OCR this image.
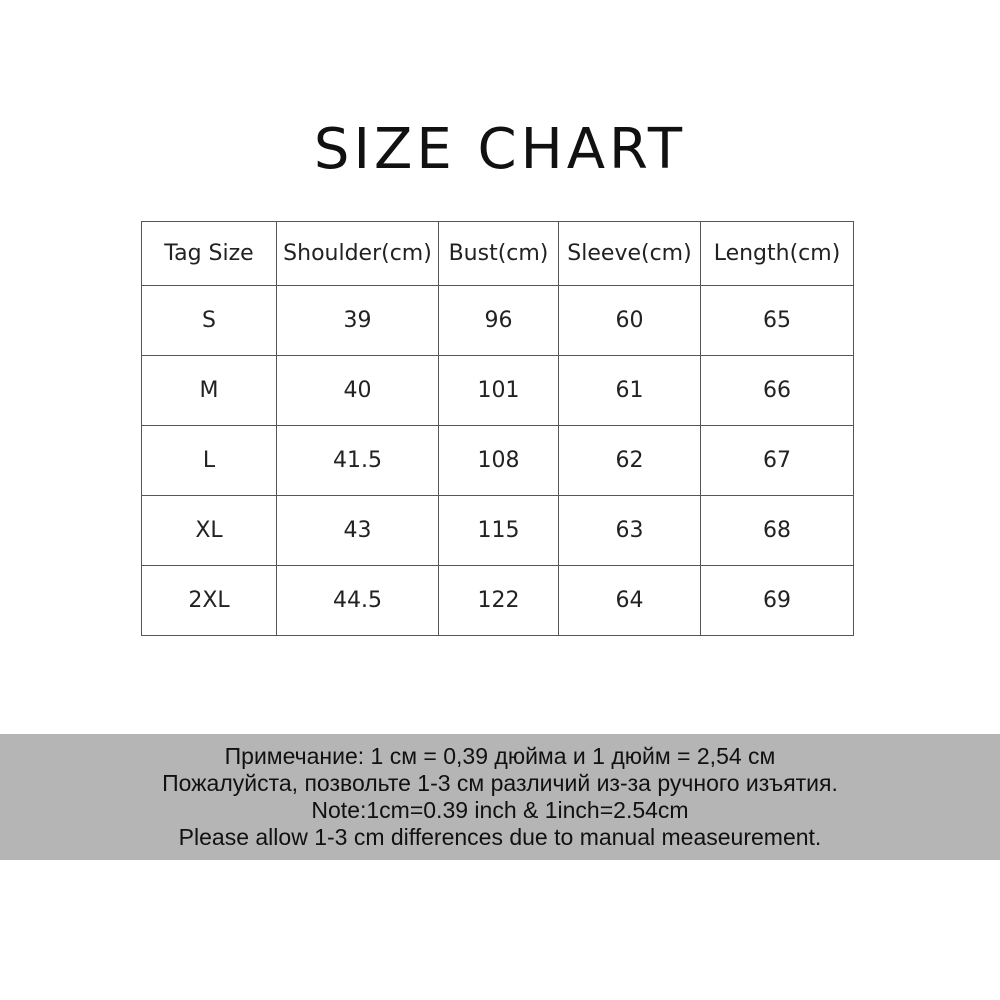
SIZE CHART
Tag Size	Shoulder(cm)	Bust(cm)	Sleeve(cm)	Length(cm)
S	39	96	60	65
M	40	101	61	66
L	41.5	108	62	67
XL	43	115	63	68
2XL	44.5	122	64	69
Примечание: 1 см = 0,39 дюйма и 1 дюйм = 2,54 см
Пожалуйста, позвольте 1-3 см различий из-за ручного изъятия.
Note:1cm=0.39 inch & 1inch=2.54cm
Please allow 1-3 cm differences due to manual measeurement.
